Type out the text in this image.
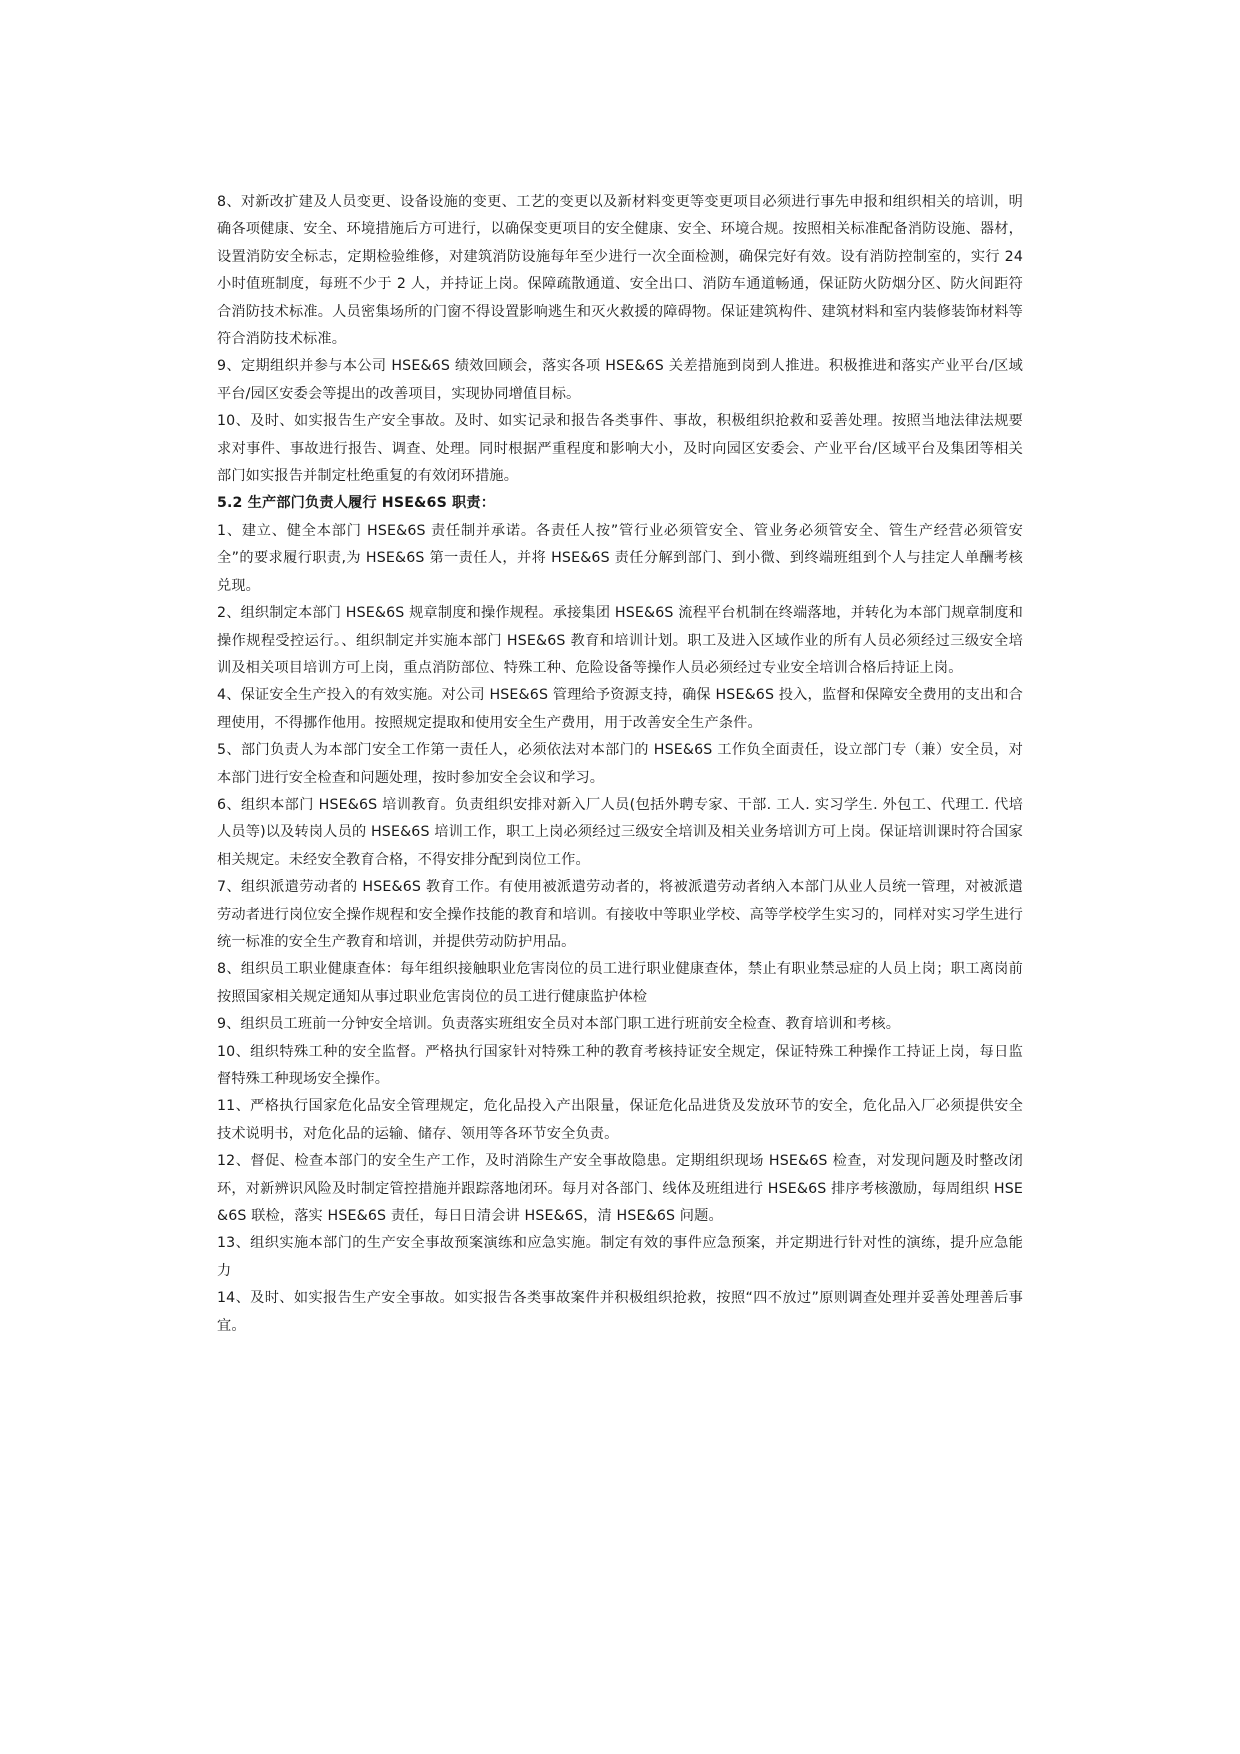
8、对新改扩建及人员变更、设备设施的变更、工艺的变更以及新材料变更等变更项目必须进行事先申报和组织相关的培训，明确各项健康、安全、环境措施后方可进行，以确保变更项目的安全健康、安全、环境合规。按照相关标准配备消防设施、器材，设置消防安全标志，定期检验维修，对建筑消防设施每年至少进行一次全面检测，确保完好有效。设有消防控制室的，实行 24 小时值班制度，每班不少于 2 人，并持证上岗。保障疏散通道、安全出口、消防车通道畅通，保证防火防烟分区、防火间距符合消防技术标准。人员密集场所的门窗不得设置影响逃生和灭火救援的障碍物。保证建筑构件、建筑材料和室内装修装饰材料等符合消防技术标准。

9、定期组织并参与本公司 HSE&6S 绩效回顾会，落实各项 HSE&6S 关差措施到岗到人推进。积极推进和落实产业平台/区域平台/园区安委会等提出的改善项目，实现协同增值目标。

10、及时、如实报告生产安全事故。及时、如实记录和报告各类事件、事故，积极组织抢救和妥善处理。按照当地法律法规要求对事件、事故进行报告、调查、处理。同时根据严重程度和影响大小，及时向园区安委会、产业平台/区域平台及集团等相关部门如实报告并制定杜绝重复的有效闭环措施。

5.2 生产部门负责人履行 HSE&6S 职责：

1、建立、健全本部门 HSE&6S 责任制并承诺。各责任人按”管行业必须管安全、管业务必须管安全、管生产经营必须管安全”的要求履行职责,为 HSE&6S 第一责任人，并将 HSE&6S 责任分解到部门、到小微、到终端班组到个人与挂定人单酬考核兑现。

2、组织制定本部门 HSE&6S 规章制度和操作规程。承接集团 HSE&6S 流程平台机制在终端落地，并转化为本部门规章制度和操作规程受控运行。、组织制定并实施本部门 HSE&6S 教育和培训计划。职工及进入区域作业的所有人员必须经过三级安全培训及相关项目培训方可上岗，重点消防部位、特殊工种、危险设备等操作人员必须经过专业安全培训合格后持证上岗。

4、保证安全生产投入的有效实施。对公司 HSE&6S 管理给予资源支持，确保 HSE&6S 投入，监督和保障安全费用的支出和合理使用，不得挪作他用。按照规定提取和使用安全生产费用，用于改善安全生产条件。

5、部门负责人为本部门安全工作第一责任人，必须依法对本部门的 HSE&6S 工作负全面责任，设立部门专（兼）安全员，对本部门进行安全检查和问题处理，按时参加安全会议和学习。

6、组织本部门 HSE&6S 培训教育。负责组织安排对新入厂人员(包括外聘专家、干部. 工人. 实习学生. 外包工、代理工. 代培人员等)以及转岗人员的 HSE&6S 培训工作，职工上岗必须经过三级安全培训及相关业务培训方可上岗。保证培训课时符合国家相关规定。未经安全教育合格，不得安排分配到岗位工作。

7、组织派遣劳动者的 HSE&6S 教育工作。有使用被派遣劳动者的，将被派遣劳动者纳入本部门从业人员统一管理，对被派遣劳动者进行岗位安全操作规程和安全操作技能的教育和培训。有接收中等职业学校、高等学校学生实习的，同样对实习学生进行统一标准的安全生产教育和培训，并提供劳动防护用品。

8、组织员工职业健康查体：每年组织接触职业危害岗位的员工进行职业健康查体，禁止有职业禁忌症的人员上岗；职工离岗前按照国家相关规定通知从事过职业危害岗位的员工进行健康监护体检

9、组织员工班前一分钟安全培训。负责落实班组安全员对本部门职工进行班前安全检查、教育培训和考核。

10、组织特殊工种的安全监督。严格执行国家针对特殊工种的教育考核持证安全规定，保证特殊工种操作工持证上岗，每日监督特殊工种现场安全操作。

11、严格执行国家危化品安全管理规定，危化品投入产出限量，保证危化品进货及发放环节的安全，危化品入厂必须提供安全技术说明书，对危化品的运输、储存、领用等各环节安全负责。

12、督促、检查本部门的安全生产工作，及时消除生产安全事故隐患。定期组织现场 HSE&6S 检查，对发现问题及时整改闭环，对新辨识风险及时制定管控措施并跟踪落地闭环。每月对各部门、线体及班组进行 HSE&6S 排序考核激励，每周组织 HSE&6S 联检，落实 HSE&6S 责任，每日日清会讲 HSE&6S，清 HSE&6S 问题。

13、组织实施本部门的生产安全事故预案演练和应急实施。制定有效的事件应急预案，并定期进行针对性的演练，提升应急能力

14、及时、如实报告生产安全事故。如实报告各类事故案件并积极组织抢救，按照“四不放过”原则调查处理并妥善处理善后事宜。
